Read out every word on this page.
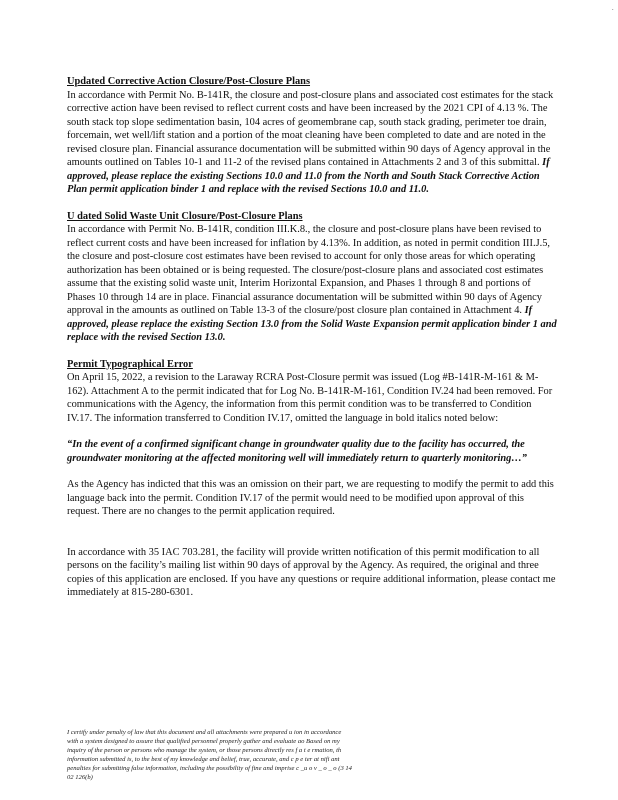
·

Updated Corrective Action Closure/Post-Closure Plans

In accordance with Permit No. B-141R, the closure and post-closure plans and associated cost estimates for the stack corrective action have been revised to reflect current costs and have been increased by the 2021 CPI of 4.13 %. The south stack top slope sedimentation basin, 104 acres of geomembrane cap, south stack grading, perimeter toe drain, forcemain, wet well/lift station and a portion of the moat cleaning have been completed to date and are noted in the revised closure plan. Financial assurance documentation will be submitted within 90 days of Agency approval in the amounts outlined on Tables 10-1 and 11-2 of the revised plans contained in Attachments 2 and 3 of this submittal. If approved, please replace the existing Sections 10.0 and 11.0 from the North and South Stack Corrective Action Plan permit application binder 1 and replace with the revised Sections 10.0 and 11.0.

U dated Solid Waste Unit Closure/Post-Closure Plans

In accordance with Permit No. B-141R, condition III.K.8., the closure and post-closure plans have been revised to reflect current costs and have been increased for inflation by 4.13%. In addition, as noted in permit condition III.J.5, the closure and post-closure cost estimates have been revised to account for only those areas for which operating authorization has been obtained or is being requested. The closure/post-closure plans and associated cost estimates assume that the existing solid waste unit, Interim Horizontal Expansion, and Phases 1 through 8 and portions of Phases 10 through 14 are in place. Financial assurance documentation will be submitted within 90 days of Agency approval in the amounts as outlined on Table 13-3 of the closure/post closure plan contained in Attachment 4. If approved, please replace the existing Section 13.0 from the Solid Waste Expansion permit application binder 1 and replace with the revised Section 13.0.

Permit Typographical Error

On April 15, 2022, a revision to the Laraway RCRA Post-Closure permit was issued (Log #B-141R-M-161 & M-162). Attachment A to the permit indicated that for Log No. B-141R-M-161, Condition IV.24 had been removed. For communications with the Agency, the information from this permit condition was to be transferred to Condition IV.17. The information transferred to Condition IV.17, omitted the language in bold italics noted below:

“In the event of a confirmed significant change in groundwater quality due to the facility has occurred, the groundwater monitoring at the affected monitoring well will immediately return to quarterly monitoring…”

As the Agency has indicted that this was an omission on their part, we are requesting to modify the permit to add this language back into the permit. Condition IV.17 of the permit would need to be modified upon approval of this request. There are no changes to the permit application required.

In accordance with 35 IAC 703.281, the facility will provide written notification of this permit modification to all persons on the facility’s mailing list within 90 days of approval by the Agency. As required, the original and three copies of this application are enclosed. If you have any questions or require additional information, please contact me immediately at 815-280-6301.

I certify under penalty of law that this document and all attachments were prepared u ion in accordance
with a system designed to assure that qualified personnel properly gather and evaluate ao Based on my
inquiry of the person or persons who manage the system, or those persons directly res f a t e rmation, th
information submitted is, to the best of my knowledge and belief, true, accurate, and c p e ter at nifi ant
penalties for submitting false information, including the possibility of fine and imprise c _u o v _ o _ o (3 14
02 126(b)
